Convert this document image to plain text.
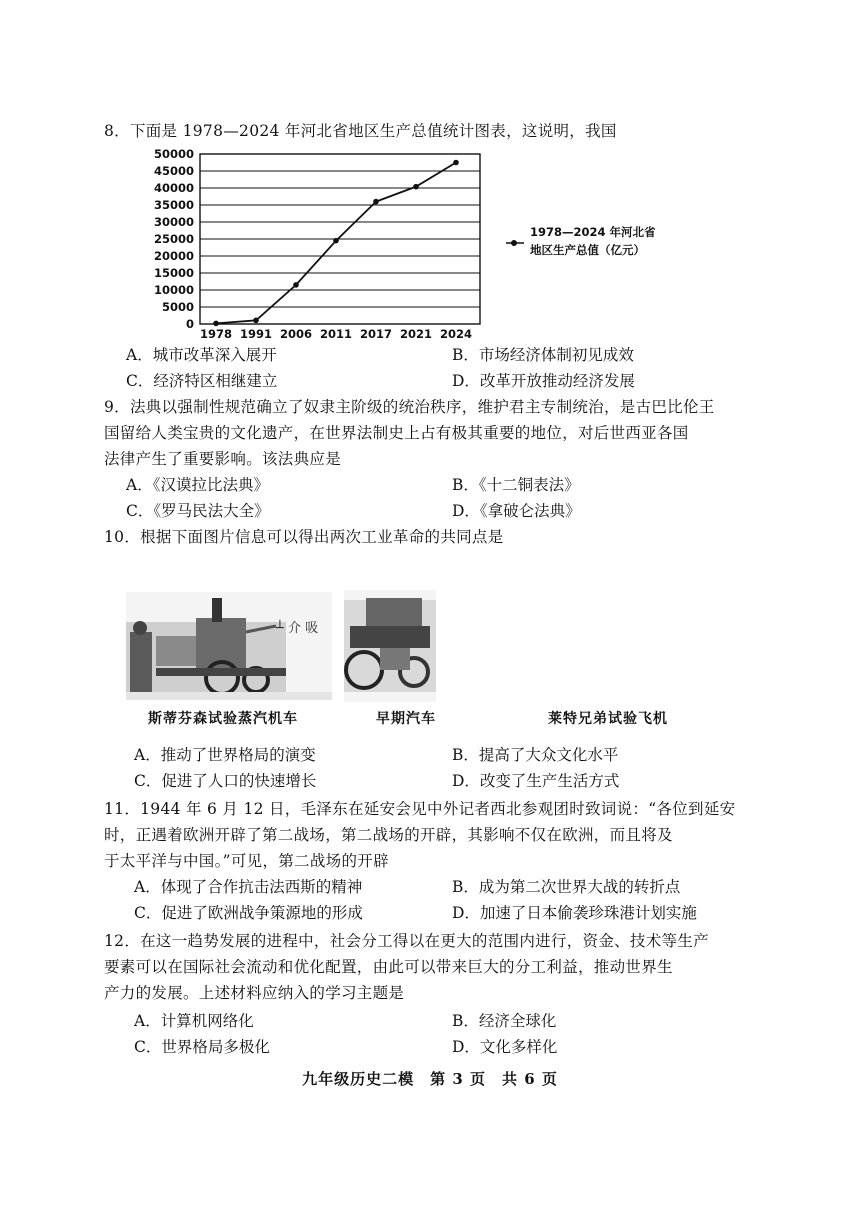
8．下面是 1978—2024 年河北省地区生产总值统计图表，这说明，我国
0
5000
10000
15000
20000
25000
30000
35000
40000
45000
50000
1978 1991 2006 2011 2017 2021 2024
1978—2024 年河北省
地区生产总值（亿元）
A．城市改革深入展开	B．市场经济体制初见成效
C．经济特区相继建立	D．改革开放推动经济发展
9．法典以强制性规范确立了奴隶主阶级的统治秩序，维护君主专制统治，是古巴比伦王
国留给人类宝贵的文化遗产，在世界法制史上占有极其重要的地位，对后世西亚各国
法律产生了重要影响。该法典应是
A．《汉谟拉比法典》	B．《十二铜表法》
C．《罗马民法大全》	D．《拿破仑法典》
10．根据下面图片信息可以得出两次工业革命的共同点是
┴ 介 吸
斯蒂芬森试验蒸汽机车	早期汽车	莱特兄弟试验飞机
A．推动了世界格局的演变	B．提高了大众文化水平
C．促进了人口的快速增长	D．改变了生产生活方式
11．1944 年 6 月 12 日，毛泽东在延安会见中外记者西北参观团时致词说：“各位到延安
时，正遇着欧洲开辟了第二战场，第二战场的开辟，其影响不仅在欧洲，而且将及
于太平洋与中国。”可见，第二战场的开辟
A．体现了合作抗击法西斯的精神	B．成为第二次世界大战的转折点
C．促进了欧洲战争策源地的形成	D．加速了日本偷袭珍珠港计划实施
12．在这一趋势发展的进程中，社会分工得以在更大的范围内进行，资金、技术等生产
要素可以在国际社会流动和优化配置，由此可以带来巨大的分工利益，推动世界生
产力的发展。上述材料应纳入的学习主题是
A．计算机网络化	B．经济全球化
C．世界格局多极化	D．文化多样化
九年级历史二模　第 3 页　共 6 页
